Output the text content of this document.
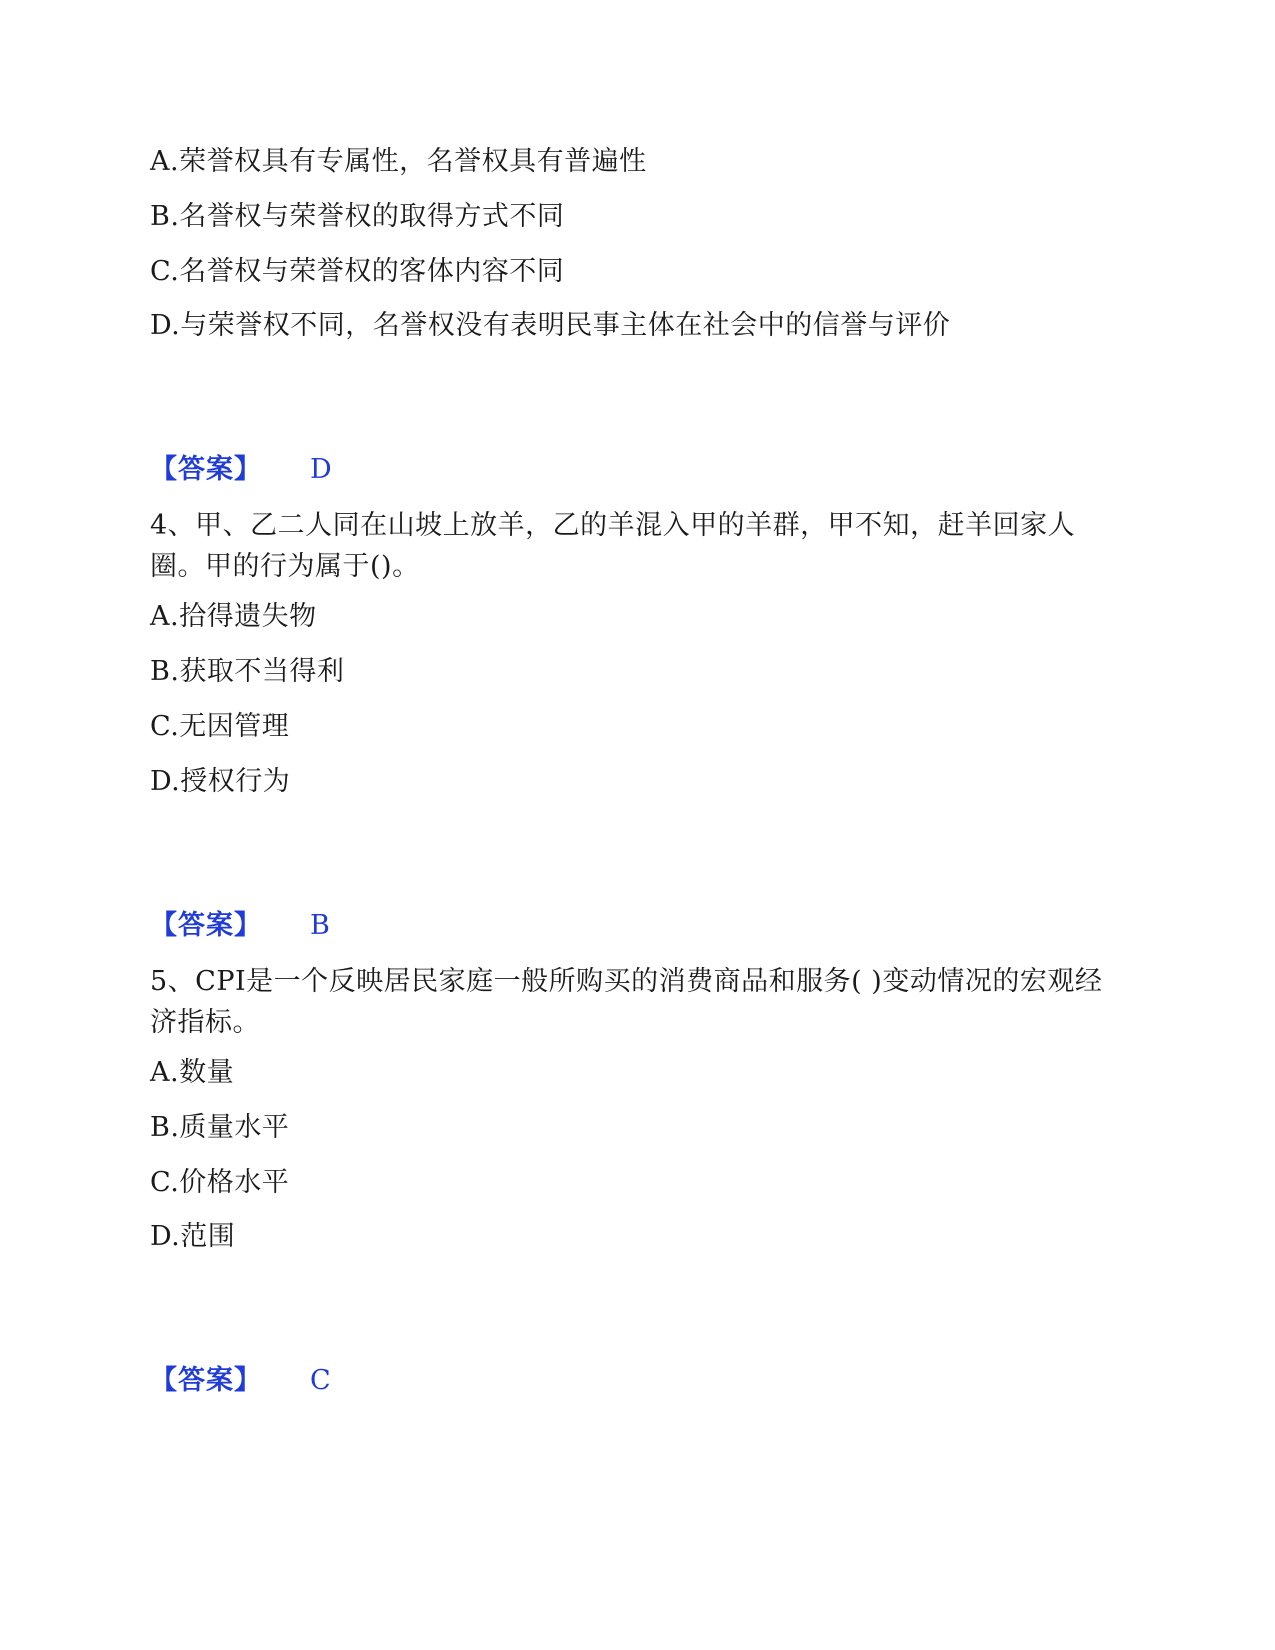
A.荣誉权具有专属性，名誉权具有普遍性
B.名誉权与荣誉权的取得方式不同
C.名誉权与荣誉权的客体内容不同
D.与荣誉权不同，名誉权没有表明民事主体在社会中的信誉与评价
【答案】 D
4、甲、乙二人同在山坡上放羊，乙的羊混入甲的羊群，甲不知，赶羊回家人圈。甲的行为属于()。
A.拾得遗失物
B.获取不当得利
C.无因管理
D.授权行为
【答案】 B
5、CPI是一个反映居民家庭一般所购买的消费商品和服务( )变动情况的宏观经济指标。
A.数量
B.质量水平
C.价格水平
D.范围
【答案】 C
